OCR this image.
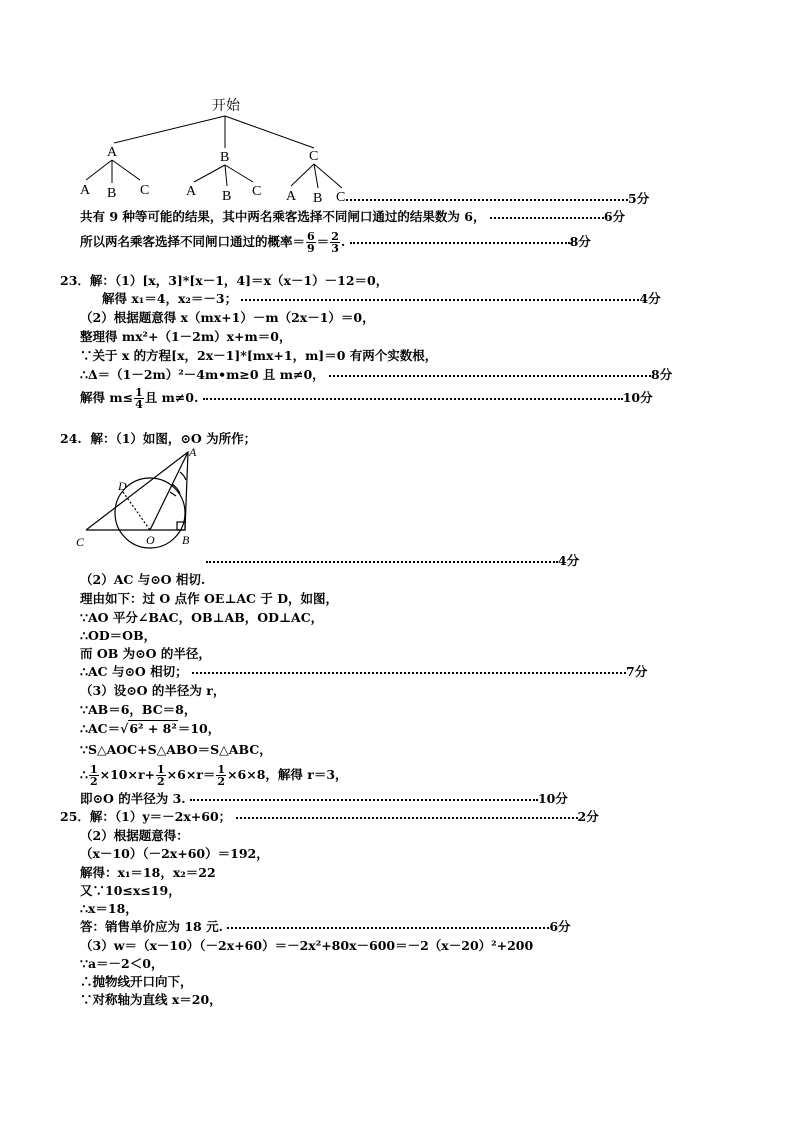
开始
A	B	C
A B C	A B C A B C	5分
共有 9 种等可能的结果，其中两名乘客选择不同闸口通过的结果数为 6，	6分
所以两名乘客选择不同闸口通过的概率＝ $\frac{6}{9} = \frac{2}{3}$ .	8分
23．解：（1）[x，3]*[x－1，4]＝x（x－1）－12＝0，
解得 x₁＝4，x₂＝－3；	4分
（2）根据题意得 x（mx+1）－m（2x－1）＝0，
整理得 mx²+（1－2m）x+m＝0，
∵关于 x 的方程[x，2x－1]*[mx+1，m]＝0 有两个实数根，
∴Δ＝（1－2m）²－4m•m≥0 且 m≠0，	8分
解得 $m\le \frac{1}{4}$ 且 m≠0.	10分
24. 解：（1）如图，⊙O 为所作；
A
D
C	O B
4分
（2）AC 与⊙O 相切.
理由如下：过 O 点作 OE⊥AC 于 D，如图，
∵AO 平分∠BAC，OB⊥AB，OD⊥AC，
∴OD＝OB，
而 OB 为⊙O 的半径，
∴AC 与⊙O 相切；	7分
（3）设⊙O 的半径为 r，
∵AB＝6，BC＝8，
∴AC＝√6² + 8²＝10，
∵S△AOC+S△ABO＝S△ABC，
∴ $\frac{1}{2} \times 10\times r+ \frac{1}{2} \times 6\times r= \frac{1}{2} \times 6\times 8$，解得 r＝3，
即⊙O 的半径为 3.	10分
25．解：（1）y＝－2x+60；	2分
（2）根据题意得：
（x－10）（－2x+60）＝192，
解得：x₁＝18，x₂＝22
又∵10≤x≤19，
∴x＝18，
答：销售单价应为 18 元.	6分
（3）w＝（x－10）（－2x+60）＝－2x²+80x－600＝－2（x－20）²+200
∵a＝－2＜0，
∴抛物线开口向下，
∵对称轴为直线 x＝20，
